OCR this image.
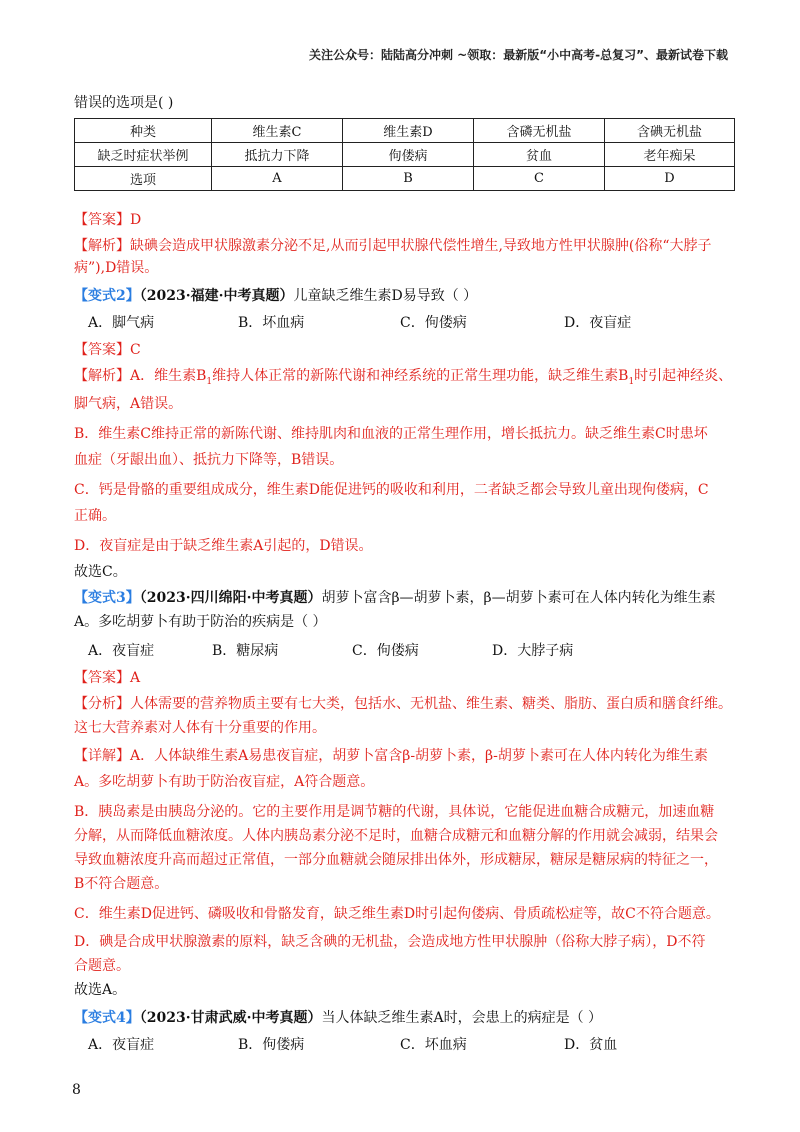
关注公众号：陆陆高分冲刺 ~领取：最新版“小中高考-总复习”、最新试卷下载

错误的选项是( )

种类	维生素C	维生素D	含磷无机盐	含碘无机盐
缺乏时症状举例	抵抗力下降	佝偻病	贫血	老年痴呆
选项	A	B	C	D

【答案】D

【解析】缺碘会造成甲状腺激素分泌不足,从而引起甲状腺代偿性增生,导致地方性甲状腺肿(俗称“大脖子

病”),D错误。

【变式2】（2023·福建·中考真题）儿童缺乏维生素D易导致（ ）

A．脚气病	B．坏血病	C．佝偻病	D．夜盲症

【答案】C

【解析】A．维生素$B_1$维持人体正常的新陈代谢和神经系统的正常生理功能，缺乏维生素$B_1$时引起神经炎、

脚气病，A错误。

B．维生素C维持正常的新陈代谢、维持肌肉和血液的正常生理作用，增长抵抗力。缺乏维生素C时患坏

血症（牙龈出血）、抵抗力下降等，B错误。

C．钙是骨骼的重要组成成分，维生素D能促进钙的吸收和利用，二者缺乏都会导致儿童出现佝偻病，C

正确。

D．夜盲症是由于缺乏维生素A引起的，D错误。

故选C。

【变式3】（2023·四川绵阳·中考真题）胡萝卜富含β—胡萝卜素，β—胡萝卜素可在人体内转化为维生素

A。多吃胡萝卜有助于防治的疾病是（ ）

A．夜盲症	B．糖尿病	C．佝偻病	D．大脖子病

【答案】A

【分析】人体需要的营养物质主要有七大类，包括水、无机盐、维生素、糖类、脂肪、蛋白质和膳食纤维。

这七大营养素对人体有十分重要的作用。

【详解】A．人体缺维生素A易患夜盲症，胡萝卜富含β-胡萝卜素，β-胡萝卜素可在人体内转化为维生素

A。多吃胡萝卜有助于防治夜盲症，A符合题意。

B．胰岛素是由胰岛分泌的。它的主要作用是调节糖的代谢，具体说，它能促进血糖合成糖元，加速血糖

分解，从而降低血糖浓度。人体内胰岛素分泌不足时，血糖合成糖元和血糖分解的作用就会减弱，结果会

导致血糖浓度升高而超过正常值，一部分血糖就会随尿排出体外，形成糖尿，糖尿是糖尿病的特征之一，

B不符合题意。

C．维生素D促进钙、磷吸收和骨骼发育，缺乏维生素D时引起佝偻病、骨质疏松症等，故C不符合题意。

D．碘是合成甲状腺激素的原料，缺乏含碘的无机盐，会造成地方性甲状腺肿（俗称大脖子病），D不符

合题意。

故选A。

【变式4】（2023·甘肃武威·中考真题）当人体缺乏维生素A时，会患上的病症是（ ）

A．夜盲症	B．佝偻病	C．坏血病	D．贫血
8
